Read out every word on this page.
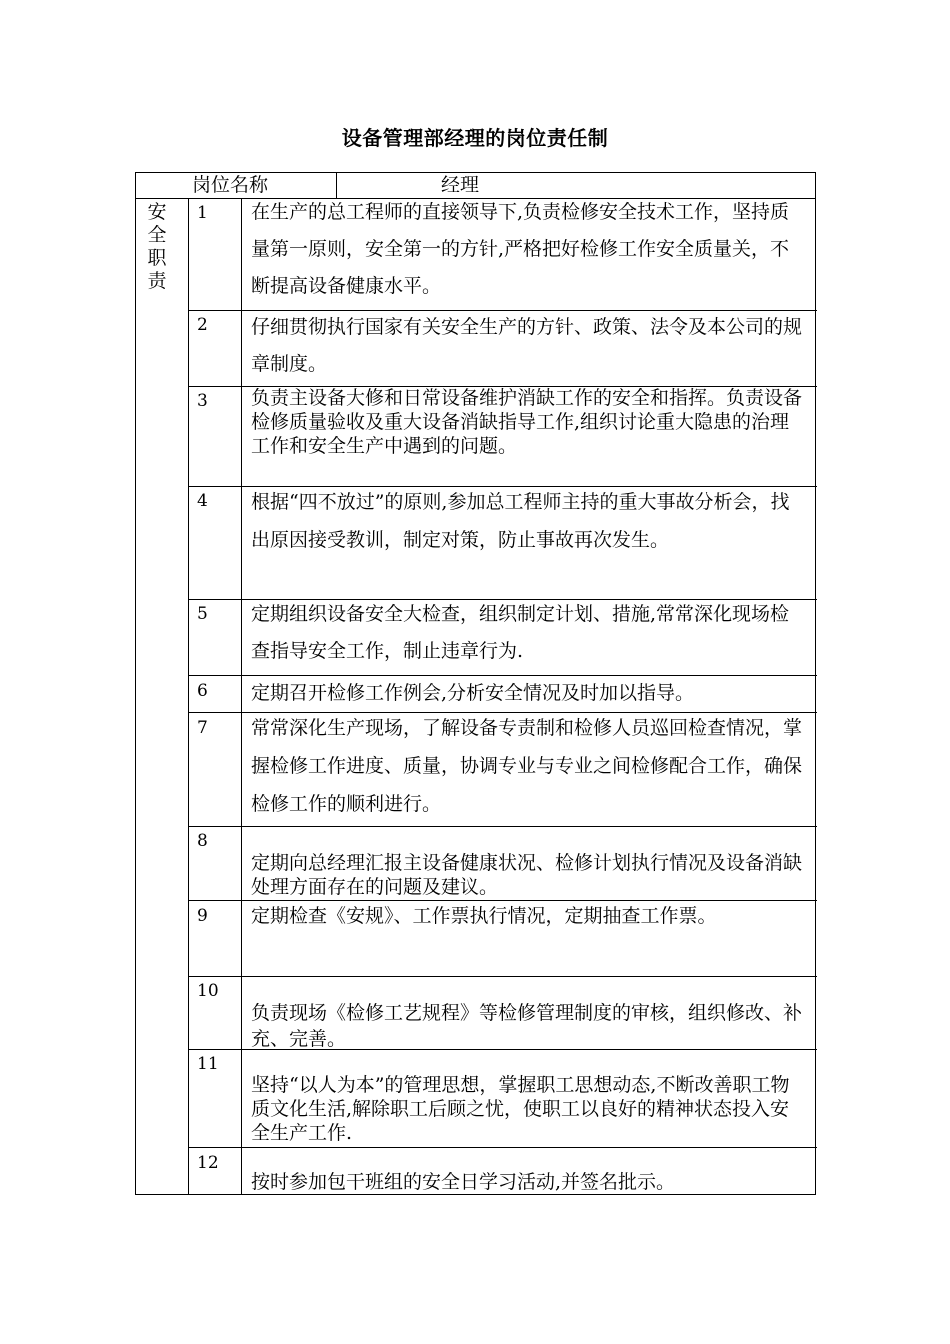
设备管理部经理的岗位责任制
岗位名称	经理
安
全
职
责
1 在生产的总工程师的直接领导下,负责检修安全技术工作，坚持质量第一原则，安全第一的方针,严格把好检修工作安全质量关，不断提高设备健康水平。
2 仔细贯彻执行国家有关安全生产的方针、政策、法令及本公司的规章制度。
3 负责主设备大修和日常设备维护消缺工作的安全和指挥。负责设备检修质量验收及重大设备消缺指导工作,组织讨论重大隐患的治理工作和安全生产中遇到的问题。
4 根据“四不放过”的原则,参加总工程师主持的重大事故分析会，找出原因接受教训，制定对策，防止事故再次发生。
5 定期组织设备安全大检查，组织制定计划、措施,常常深化现场检查指导安全工作，制止违章行为.
6 定期召开检修工作例会,分析安全情况及时加以指导。
7 常常深化生产现场，了解设备专责制和检修人员巡回检查情况，掌握检修工作进度、质量，协调专业与专业之间检修配合工作，确保检修工作的顺利进行。
8
定期向总经理汇报主设备健康状况、检修计划执行情况及设备消缺处理方面存在的问题及建议。
9 定期检查《安规》、工作票执行情况，定期抽查工作票。
10
负责现场《检修工艺规程》等检修管理制度的审核，组织修改、补充、完善。
11
坚持“以人为本”的管理思想，掌握职工思想动态,不断改善职工物质文化生活,解除职工后顾之忧，使职工以良好的精神状态投入安全生产工作.
12
按时参加包干班组的安全日学习活动,并签名批示。
